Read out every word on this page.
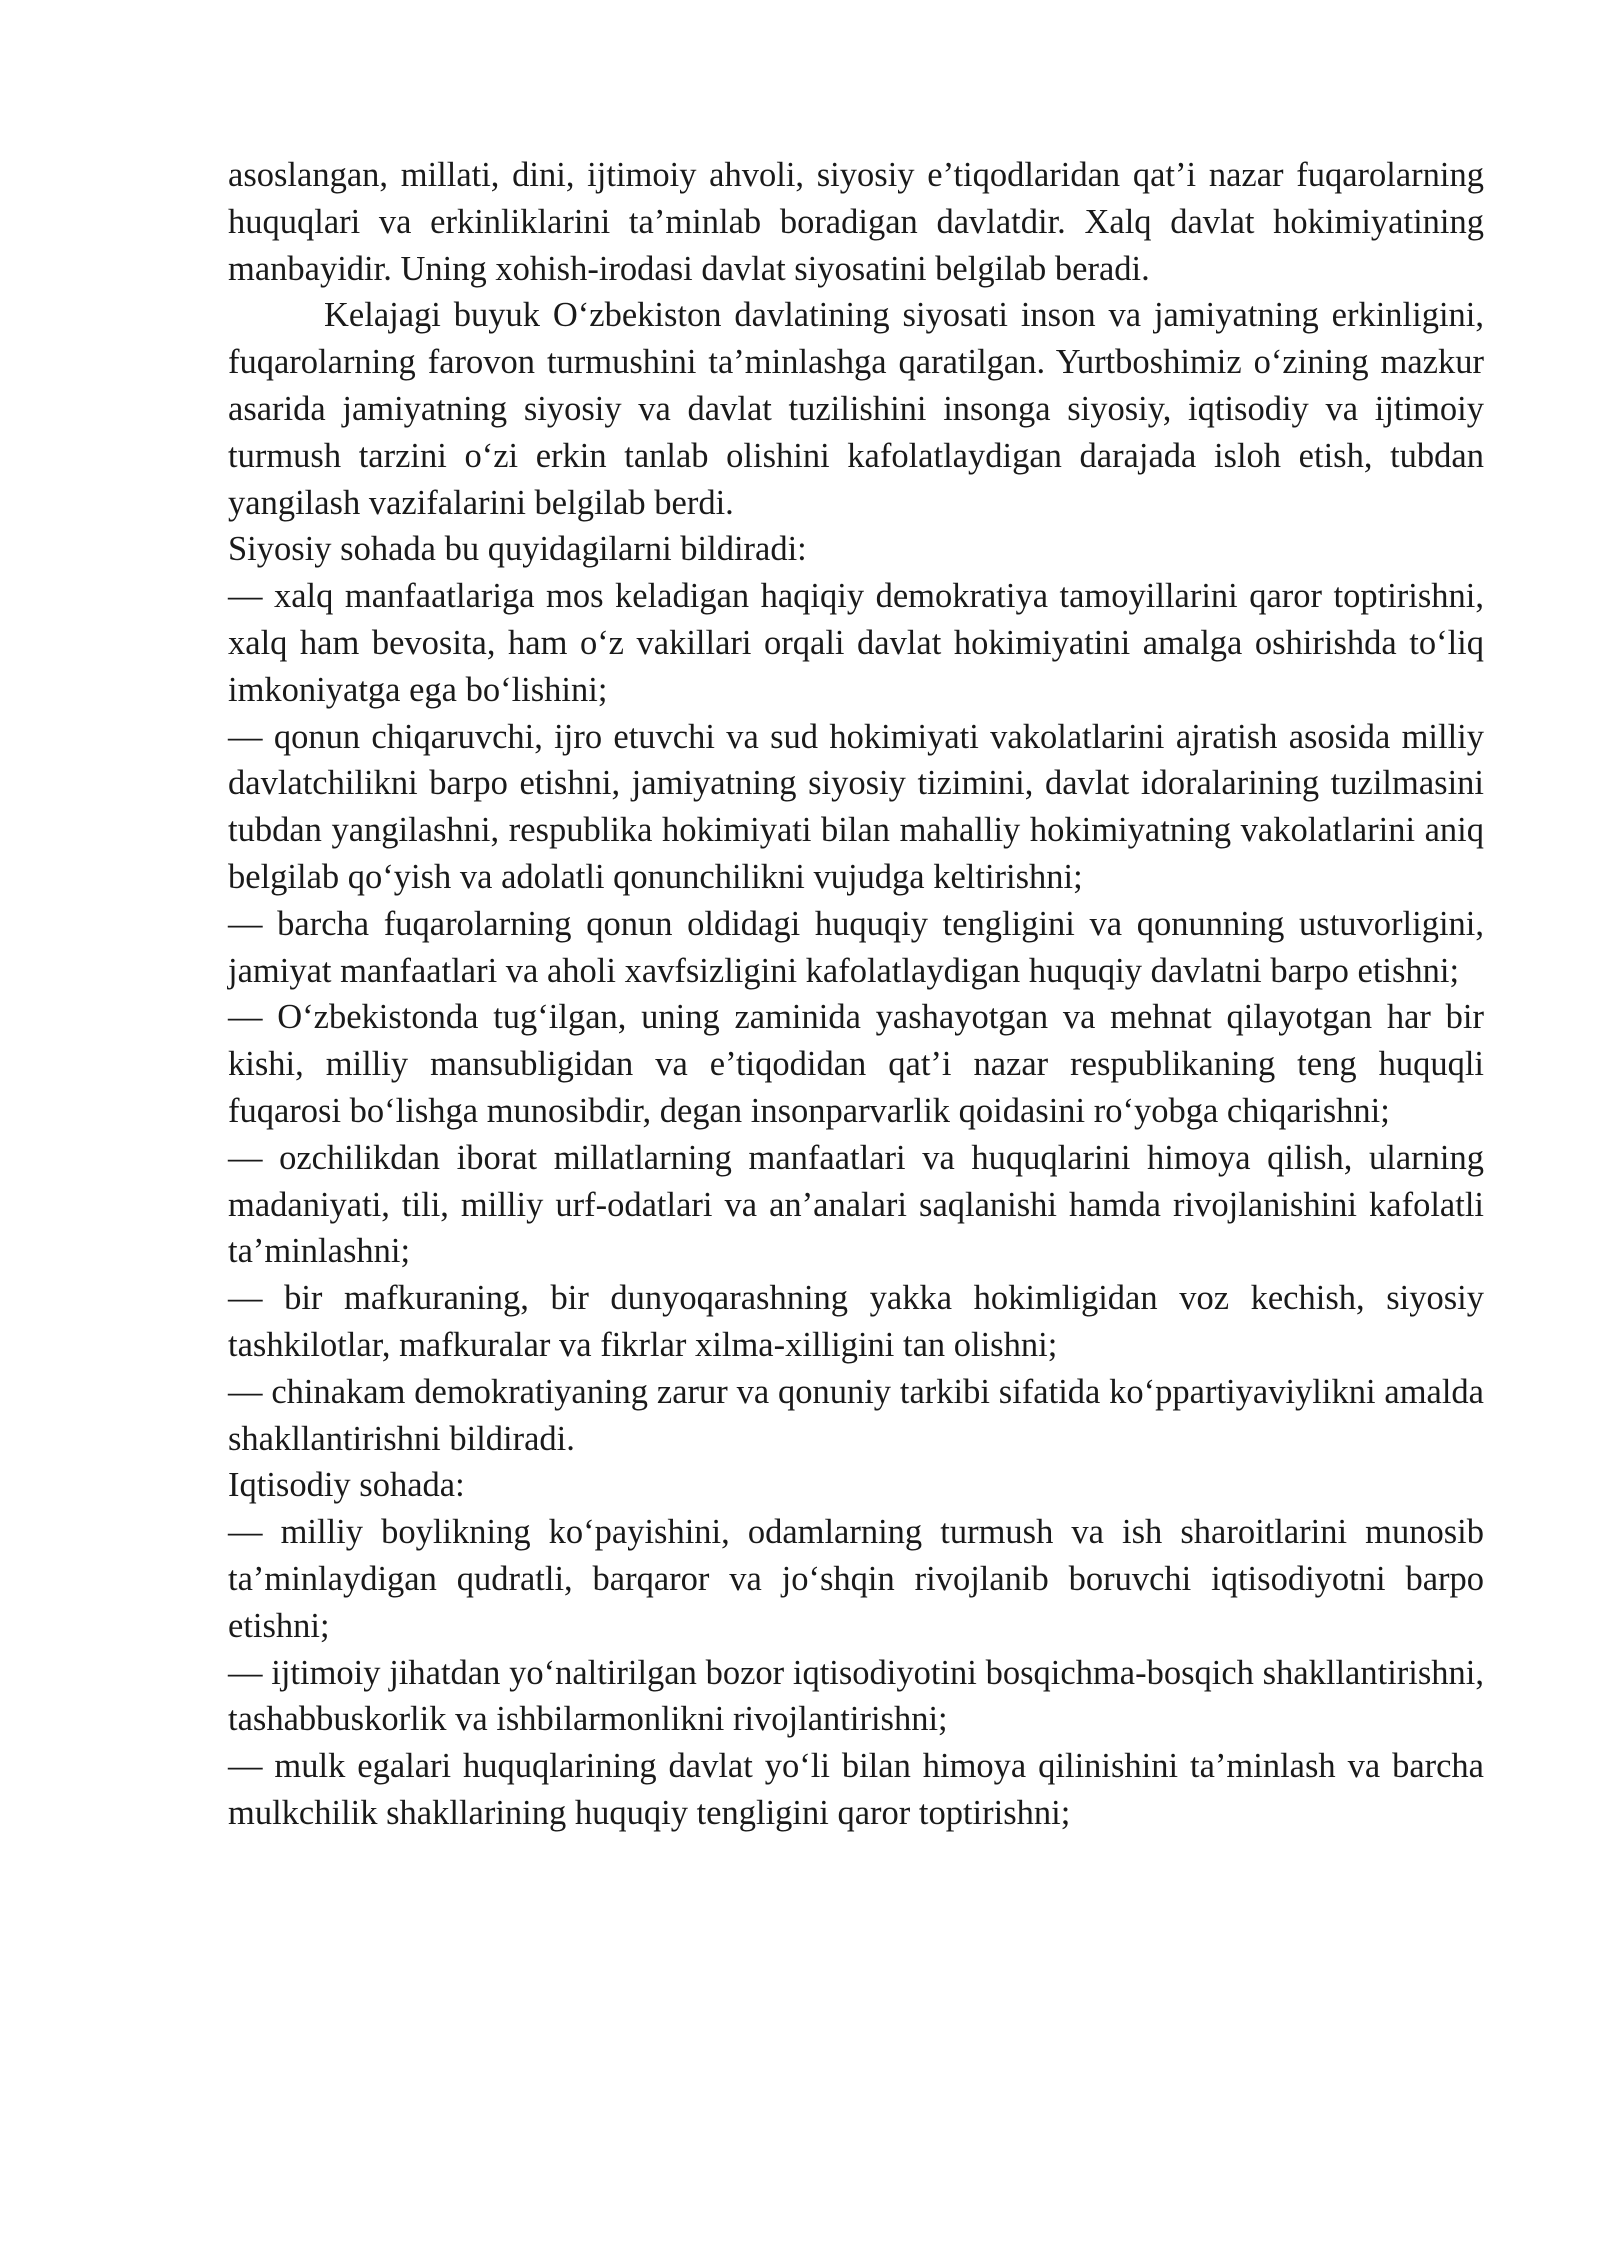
asoslangan, millati, dini, ijtimoiy ahvoli, siyosiy e’tiqodlaridan qat’i nazar fuqarolarning huquqlari va erkinliklarini ta’minlab boradigan davlatdir. Xalq davlat hokimiyatining manbayidir. Uning xohish-irodasi davlat siyosatini belgilab beradi.

Kelajagi buyuk O‘zbekiston davlatining siyosati inson va jamiyatning erkinligini, fuqarolarning farovon turmushini ta’minlashga qaratilgan. Yurtboshimiz o‘zining mazkur asarida jamiyatning siyosiy va davlat tuzilishini insonga siyosiy, iqtisodiy va ijtimoiy turmush tarzini o‘zi erkin tanlab olishini kafolatlaydigan darajada isloh etish, tubdan yangilash vazifalarini belgilab berdi.

Siyosiy sohada bu quyidagilarni bildiradi:

— xalq manfaatlariga mos keladigan haqiqiy demokratiya tamoyillarini qaror toptirishni, xalq ham bevosita, ham o‘z vakillari orqali davlat hokimiyatini amalga oshirishda to‘liq imkoniyatga ega bo‘lishini;

— qonun chiqaruvchi, ijro etuvchi va sud hokimiyati vakolatlarini ajratish asosida milliy davlatchilikni barpo etishni, jamiyatning siyosiy tizimini, davlat idoralarining tuzilmasini tubdan yangilashni, respublika hokimiyati bilan mahalliy hokimiyatning vakolatlarini aniq belgilab qo‘yish va adolatli qonunchilikni vujudga keltirishni;

— barcha fuqarolarning qonun oldidagi huquqiy tengligini va qonunning ustuvorligini, jamiyat manfaatlari va aholi xavfsizligini kafolatlaydigan huquqiy davlatni barpo etishni;

— O‘zbekistonda tug‘ilgan, uning zaminida yashayotgan va mehnat qilayotgan har bir kishi, milliy mansubligidan va e’tiqodidan qat’i nazar respublikaning teng huquqli fuqarosi bo‘lishga munosibdir, degan insonparvarlik qoidasini ro‘yobga chiqarishni;

— ozchilikdan iborat millatlarning manfaatlari va huquqlarini himoya qilish, ularning madaniyati, tili, milliy urf-odatlari va an’analari saqlanishi hamda rivojlanishini kafolatli ta’minlashni;

— bir mafkuraning, bir dunyoqarashning yakka hokimligidan voz kechish, siyosiy tashkilotlar, mafkuralar va fikrlar xilma-xilligini tan olishni;

— chinakam demokratiyaning zarur va qonuniy tarkibi sifatida ko‘ppartiyaviylikni amalda shakllantirishni bildiradi.

Iqtisodiy sohada:

— milliy boylikning ko‘payishini, odamlarning turmush va ish sharoitlarini munosib ta’minlaydigan qudratli, barqaror va jo‘shqin rivojlanib boruvchi iqtisodiyotni barpo etishni;

— ijtimoiy jihatdan yo‘naltirilgan bozor iqtisodiyotini bosqichma-bosqich shakllantirishni, tashabbuskorlik va ishbilarmonlikni rivojlantirishni;

— mulk egalari huquqlarining davlat yo‘li bilan himoya qilinishini ta’minlash va barcha mulkchilik shakllarining huquqiy tengligini qaror toptirishni;
